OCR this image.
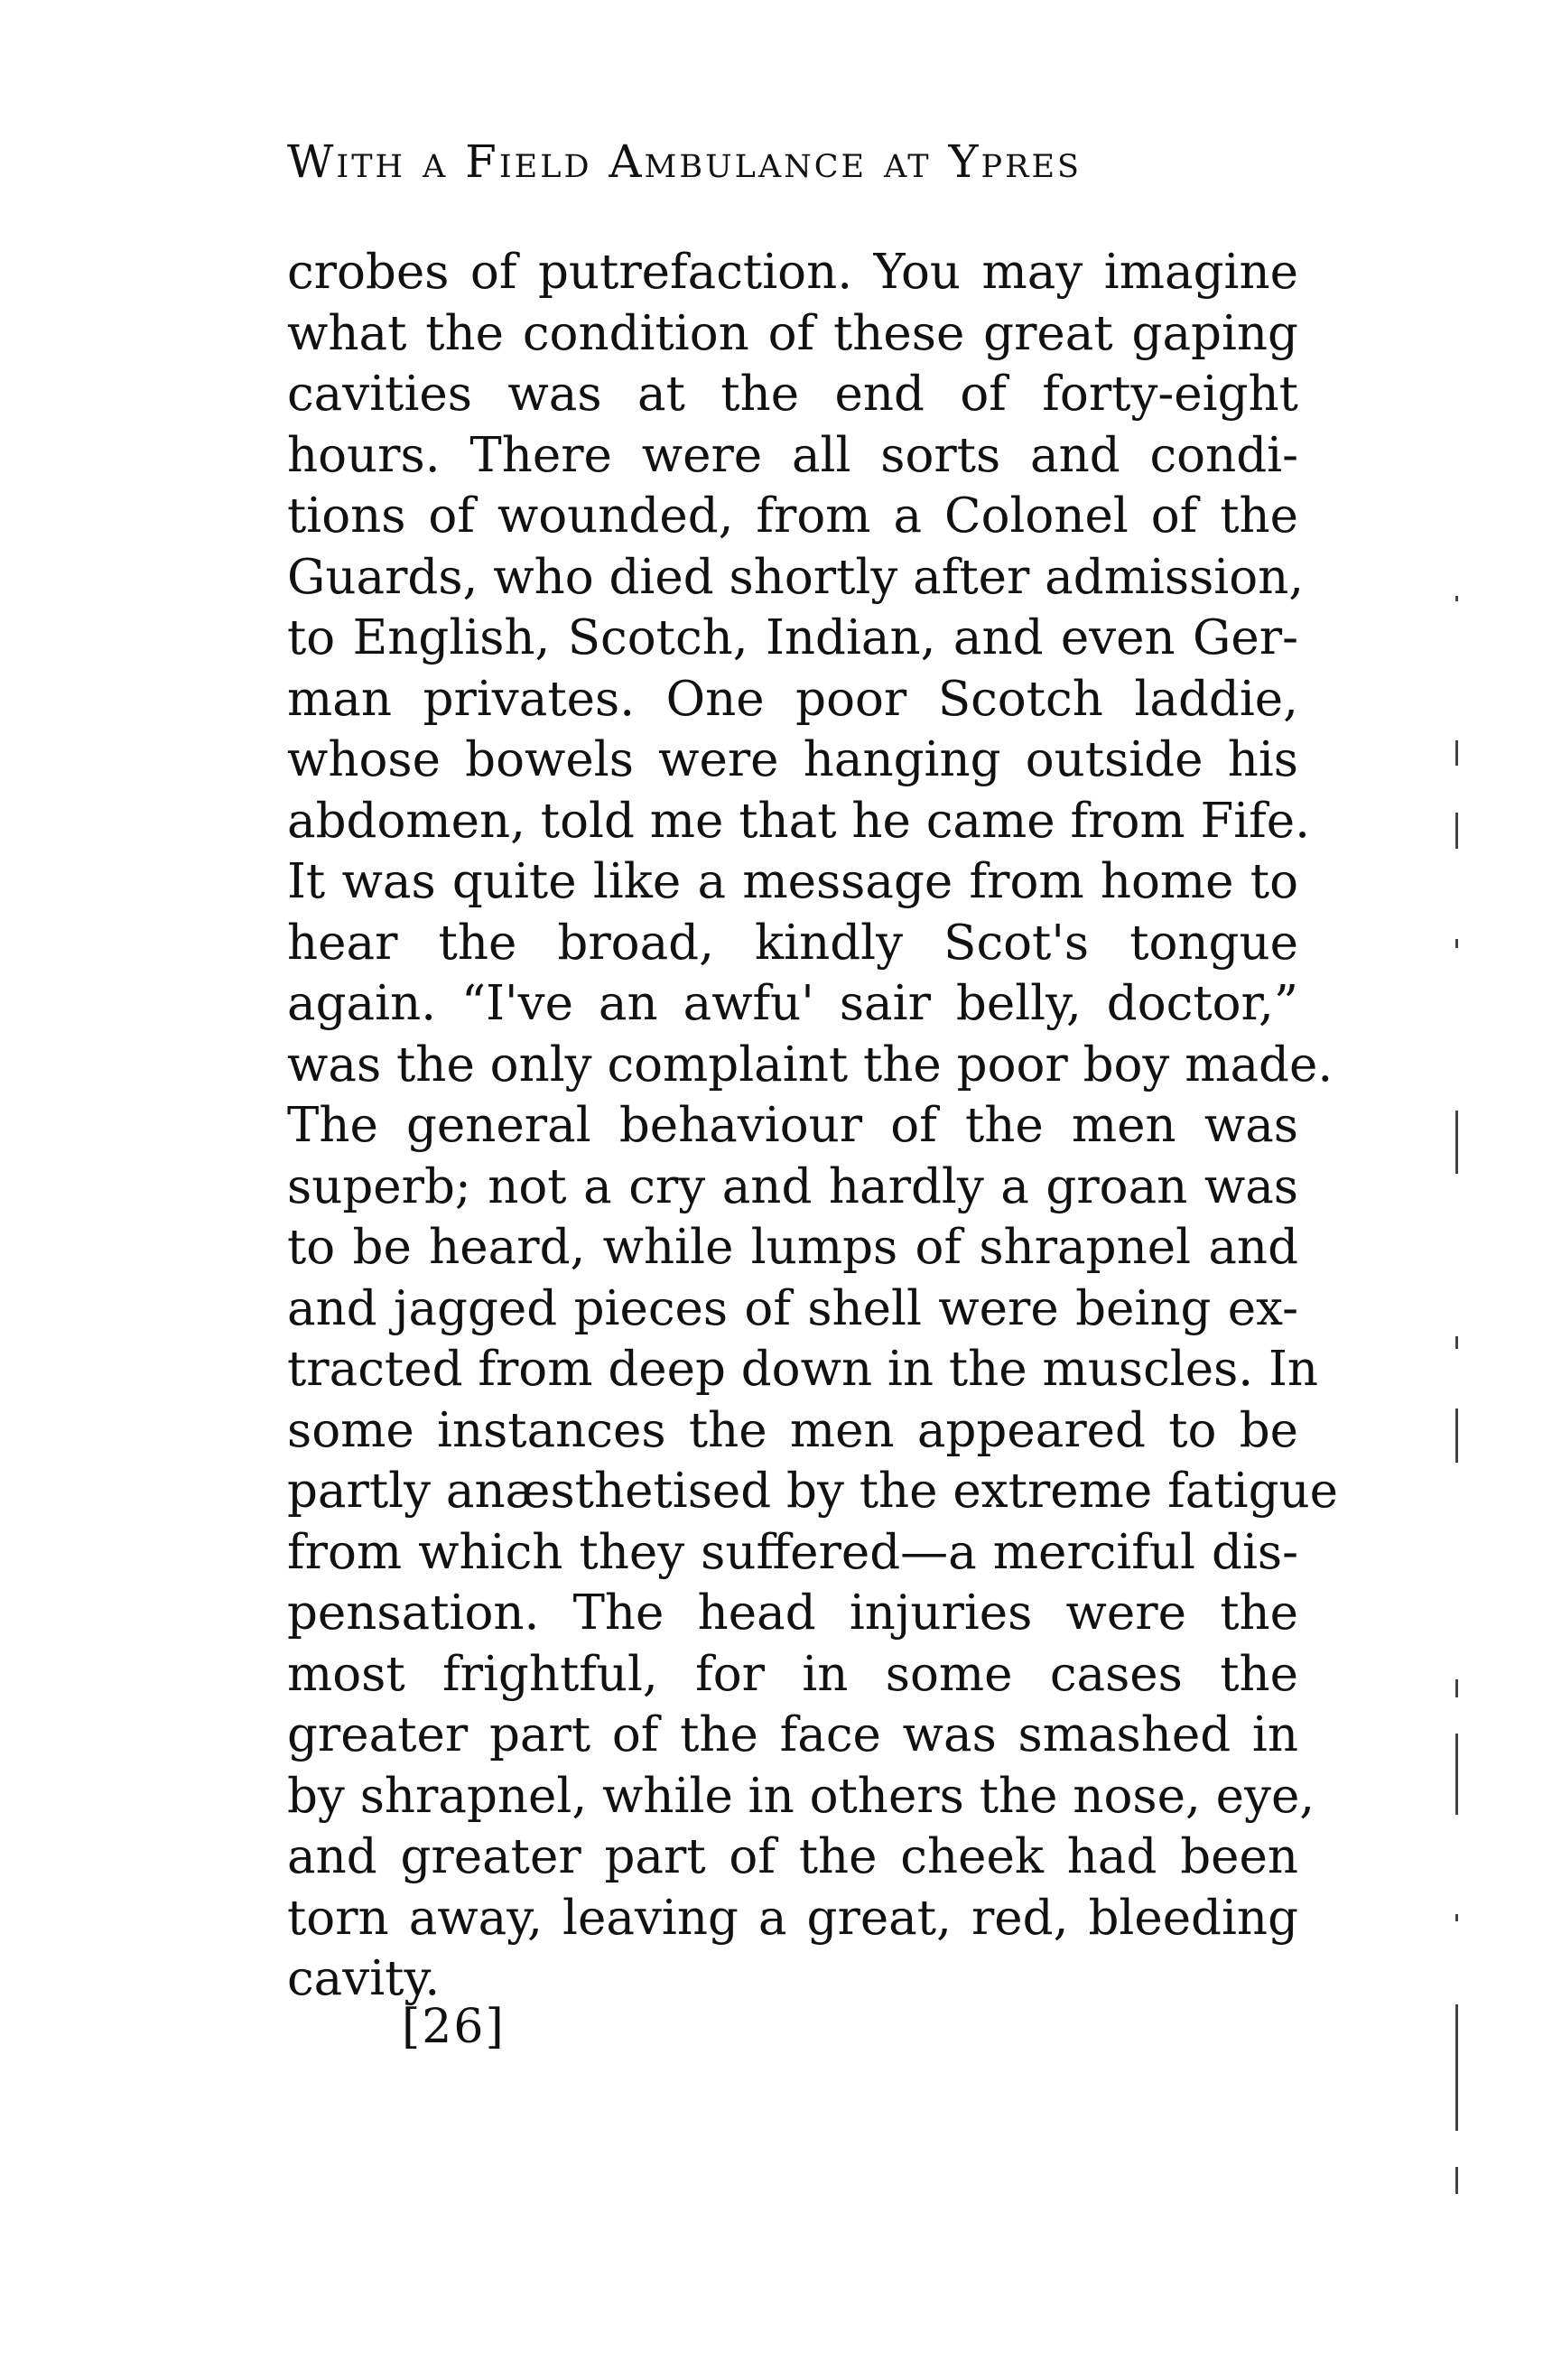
With a Field Ambulance at Ypres
crobes of putrefaction. You may imagine
what the condition of these great gaping
cavities was at the end of forty-eight
hours. There were all sorts and condi-
tions of wounded, from a Colonel of the
Guards, who died shortly after admission,
to English, Scotch, Indian, and even Ger-
man privates. One poor Scotch laddie,
whose bowels were hanging outside his
abdomen, told me that he came from Fife.
It was quite like a message from home to
hear the broad, kindly Scot's tongue
again. “I've an awfu' sair belly, doctor,”
was the only complaint the poor boy made.
The general behaviour of the men was
superb; not a cry and hardly a groan was
to be heard, while lumps of shrapnel and
and jagged pieces of shell were being ex-
tracted from deep down in the muscles. In
some instances the men appeared to be
partly anæsthetised by the extreme fatigue
from which they suffered—a merciful dis-
pensation. The head injuries were the
most frightful, for in some cases the
greater part of the face was smashed in
by shrapnel, while in others the nose, eye,
and greater part of the cheek had been
torn away, leaving a great, red, bleeding
cavity.
[26]
